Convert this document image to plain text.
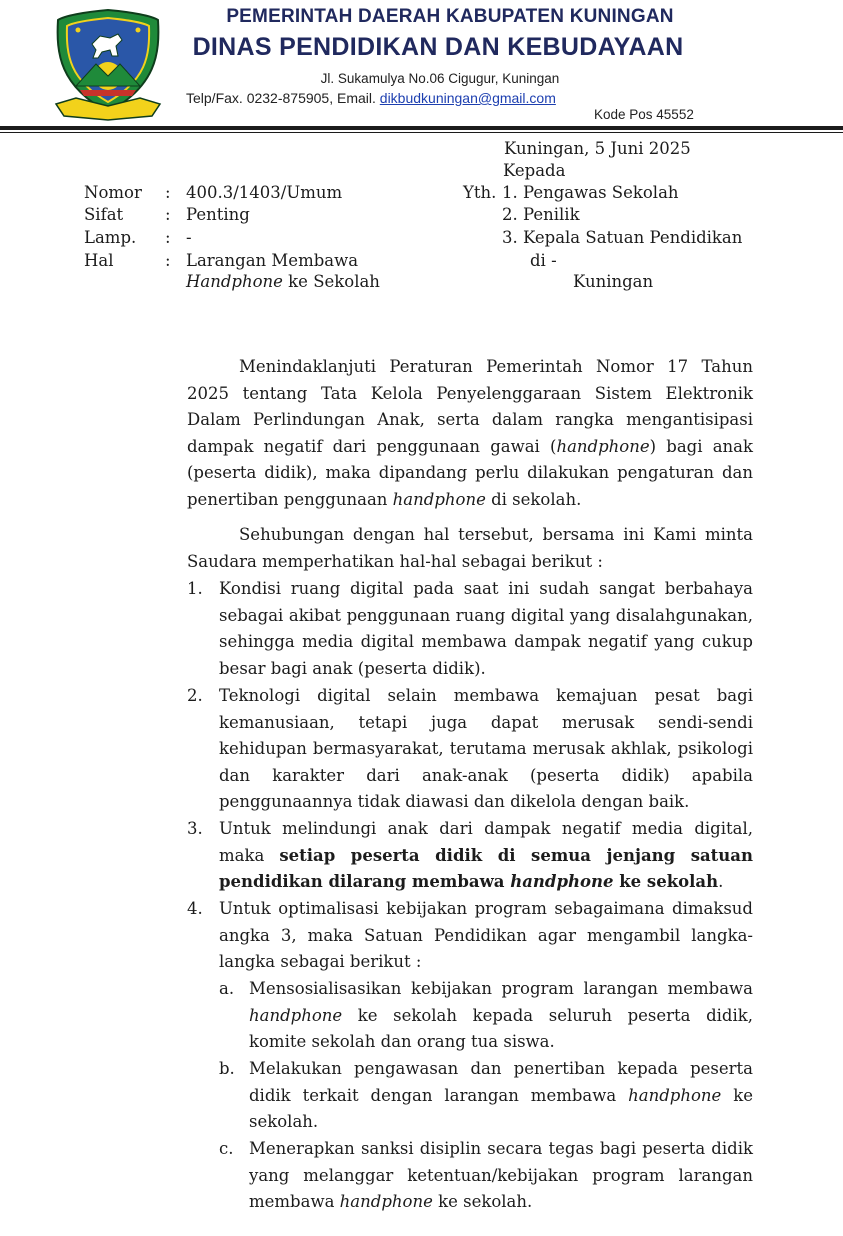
PEMERINTAH DAERAH KABUPATEN KUNINGAN
DINAS PENDIDIKAN DAN KEBUDAYAAN
Jl. Sukamulya No.06 Cigugur, Kuningan
Telp/Fax. 0232-875905, Email. dikbudkuningan@gmail.com
Kode Pos 45552
Kuningan, 5 Juni 2025
Kepada
Nomor : 400.3/1403/Umum
Sifat	: Penting
Lamp. : -
Hal	: Larangan Membawa
Handphone ke Sekolah
Yth. 1. Pengawas Sekolah
2. Penilik
3. Kepala Satuan Pendidikan
di -
Kuningan

Menindaklanjuti Peraturan Pemerintah Nomor 17 Tahun 2025 tentang Tata Kelola Penyelenggaraan Sistem Elektronik Dalam Perlindungan Anak, serta dalam rangka mengantisipasi dampak negatif dari penggunaan gawai (handphone) bagi anak (peserta didik), maka dipandang perlu dilakukan pengaturan dan penertiban penggunaan handphone di sekolah.

Sehubungan dengan hal tersebut, bersama ini Kami minta Saudara memperhatikan hal-hal sebagai berikut :

1. Kondisi ruang digital pada saat ini sudah sangat berbahaya sebagai akibat penggunaan ruang digital yang disalahgunakan, sehingga media digital membawa dampak negatif yang cukup besar bagi anak (peserta didik).

2. Teknologi digital selain membawa kemajuan pesat bagi kemanusiaan, tetapi juga dapat merusak sendi-sendi kehidupan bermasyarakat, terutama merusak akhlak, psikologi dan karakter dari anak-anak (peserta didik) apabila penggunaannya tidak diawasi dan dikelola dengan baik.

3. Untuk melindungi anak dari dampak negatif media digital, maka setiap peserta didik di semua jenjang satuan pendidikan dilarang membawa handphone ke sekolah.

4. Untuk optimalisasi kebijakan program sebagaimana dimaksud angka 3, maka Satuan Pendidikan agar mengambil langka-langka sebagai berikut :

a. Mensosialisasikan kebijakan program larangan membawa handphone ke sekolah kepada seluruh peserta didik, komite sekolah dan orang tua siswa.

b. Melakukan pengawasan dan penertiban kepada peserta didik terkait dengan larangan membawa handphone ke sekolah.

c. Menerapkan sanksi disiplin secara tegas bagi peserta didik yang melanggar ketentuan/kebijakan program larangan membawa handphone ke sekolah.
